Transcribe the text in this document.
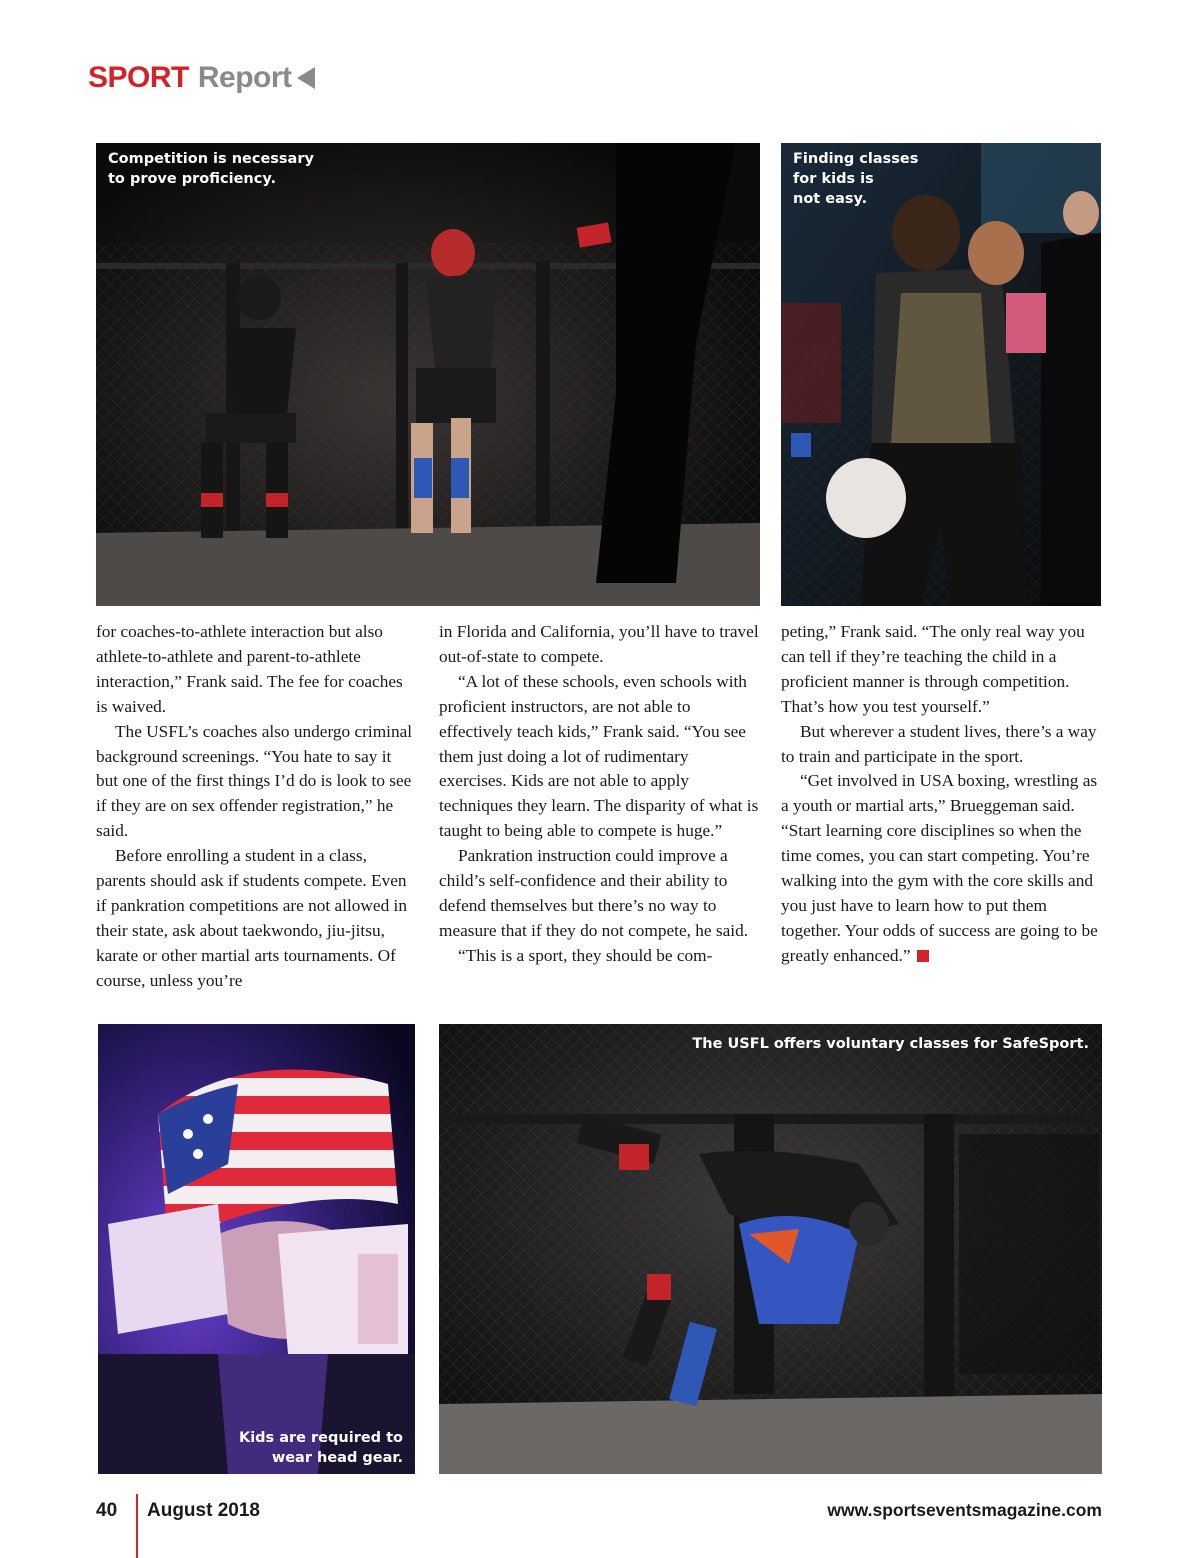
SPORT Report
Competition is necessary
to prove proficiency.
Finding classes
for kids is
not easy.

for coaches-to-athlete interaction but also athlete-to-athlete and parent-to-athlete interaction,” Frank said. The fee for coaches is waived.

The USFL’s coaches also undergo criminal background screenings. “You hate to say it but one of the first things I’d do is look to see if they are on sex offender registration,” he said.

Before enrolling a student in a class, parents should ask if students compete. Even if pankration competitions are not allowed in their state, ask about taekwondo, jiu-jitsu, karate or other martial arts tournaments. Of course, unless you’re

in Florida and California, you’ll have to travel out-of-state to compete.

“A lot of these schools, even schools with proficient instructors, are not able to effectively teach kids,” Frank said. “You see them just doing a lot of rudimentary exercises. Kids are not able to apply techniques they learn. The disparity of what is taught to being able to compete is huge.”

Pankration instruction could improve a child’s self-confidence and their ability to defend themselves but there’s no way to measure that if they do not compete, he said.

“This is a sport, they should be com-

peting,” Frank said. “The only real way you can tell if they’re teaching the child in a proficient manner is through competition. That’s how you test yourself.”

But wherever a student lives, there’s a way to train and participate in the sport.

“Get involved in USA boxing, wrestling as a youth or martial arts,” Brueggeman said. “Start learning core disciplines so when the time comes, you can start competing. You’re walking into the gym with the core skills and you just have to learn how to put them together. Your odds of success are going to be greatly enhanced.”

Kids are required to
wear head gear.
The USFL offers voluntary classes for SafeSport.
40 August 2018	www.sportseventsmagazine.com
